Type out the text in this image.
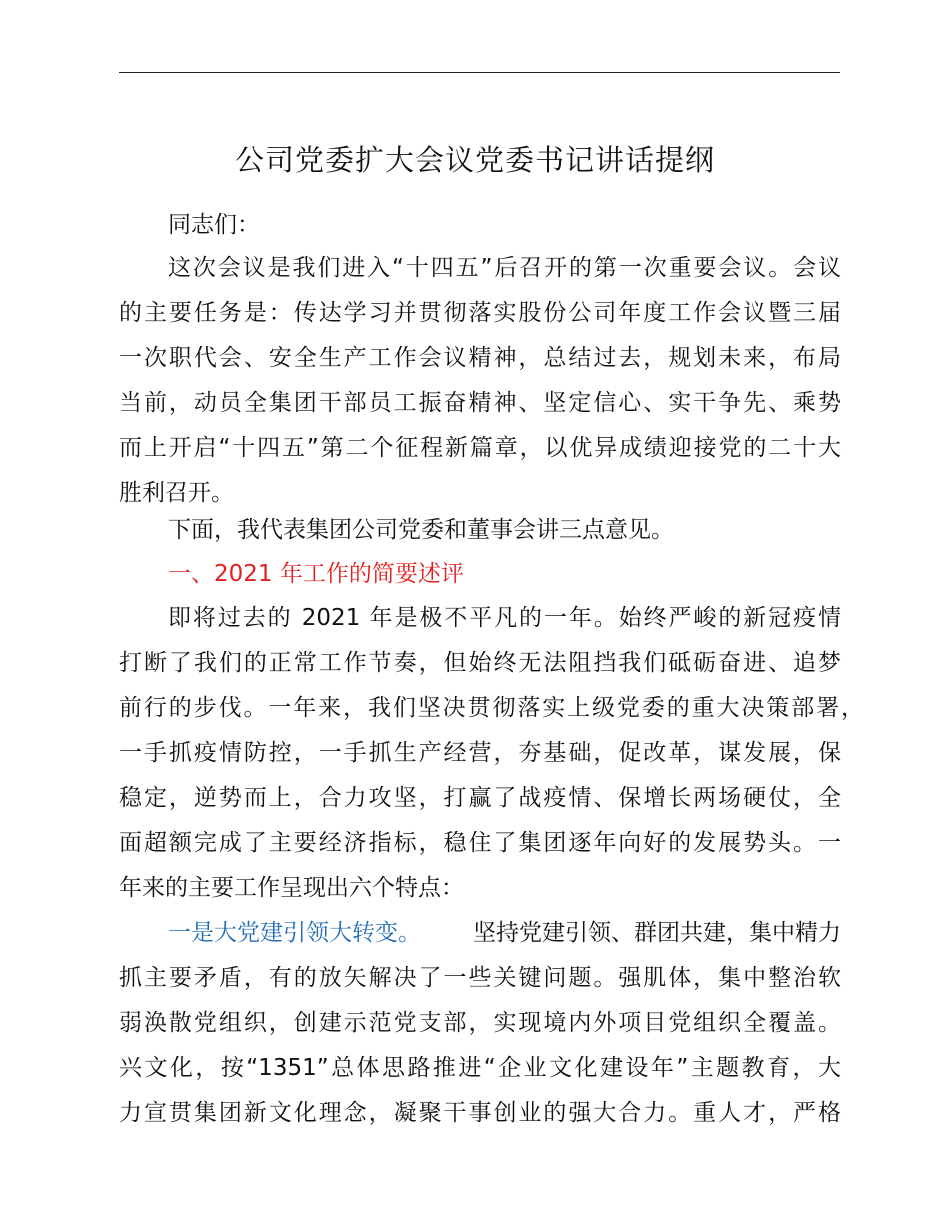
公司党委扩大会议党委书记讲话提纲
同志们：
这次会议是我们进入“十四五”后召开的第一次重要会议。会议
的主要任务是：传达学习并贯彻落实股份公司年度工作会议暨三届
一次职代会、安全生产工作会议精神，总结过去，规划未来，布局
当前，动员全集团干部员工振奋精神、坚定信心、实干争先、乘势
而上开启“十四五”第二个征程新篇章，以优异成绩迎接党的二十大
胜利召开。
下面，我代表集团公司党委和董事会讲三点意见。
一、2021 年工作的简要述评
即将过去的 2021 年是极不平凡的一年。始终严峻的新冠疫情
打断了我们的正常工作节奏，但始终无法阻挡我们砥砺奋进、追梦
前行的步伐。一年来，我们坚决贯彻落实上级党委的重大决策部署，
一手抓疫情防控，一手抓生产经营，夯基础，促改革，谋发展，保
稳定，逆势而上，合力攻坚，打赢了战疫情、保增长两场硬仗，全
面超额完成了主要经济指标，稳住了集团逐年向好的发展势头。一
年来的主要工作呈现出六个特点：
一是大党建引领大转变。 坚持党建引领、群团共建，集中精力
抓主要矛盾，有的放矢解决了一些关键问题。强肌体，集中整治软
弱涣散党组织，创建示范党支部，实现境内外项目党组织全覆盖。
兴文化，按“1351”总体思路推进“企业文化建设年”主题教育，大
力宣贯集团新文化理念，凝聚干事创业的强大合力。重人才，严格
